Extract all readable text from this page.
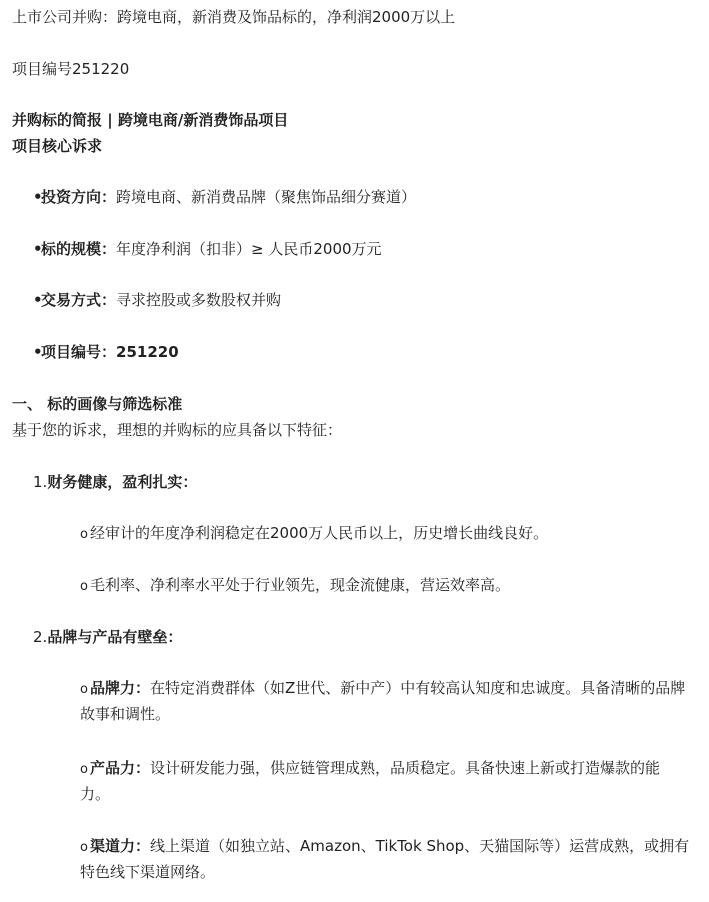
上市公司并购：跨境电商，新消费及饰品标的，净利润2000万以上
项目编号251220
并购标的简报 | 跨境电商/新消费饰品项目
项目核心诉求
•投资方向：跨境电商、新消费品牌（聚焦饰品细分赛道）
•标的规模：年度净利润（扣非）≥ 人民币2000万元
•交易方式：寻求控股或多数股权并购
•项目编号：251220
一、 标的画像与筛选标准
基于您的诉求，理想的并购标的应具备以下特征：
1.财务健康，盈利扎实：
o 经审计的年度净利润稳定在2000万人民币以上，历史增长曲线良好。
o 毛利率、净利率水平处于行业领先，现金流健康，营运效率高。
2.品牌与产品有壁垒：
o 品牌力：在特定消费群体（如Z世代、新中产）中有较高认知度和忠诚度。具备清晰的品牌故事和调性。
o 产品力：设计研发能力强，供应链管理成熟，品质稳定。具备快速上新或打造爆款的能力。
o 渠道力：线上渠道（如独立站、Amazon、TikTok Shop、天猫国际等）运营成熟，或拥有特色线下渠道网络。
